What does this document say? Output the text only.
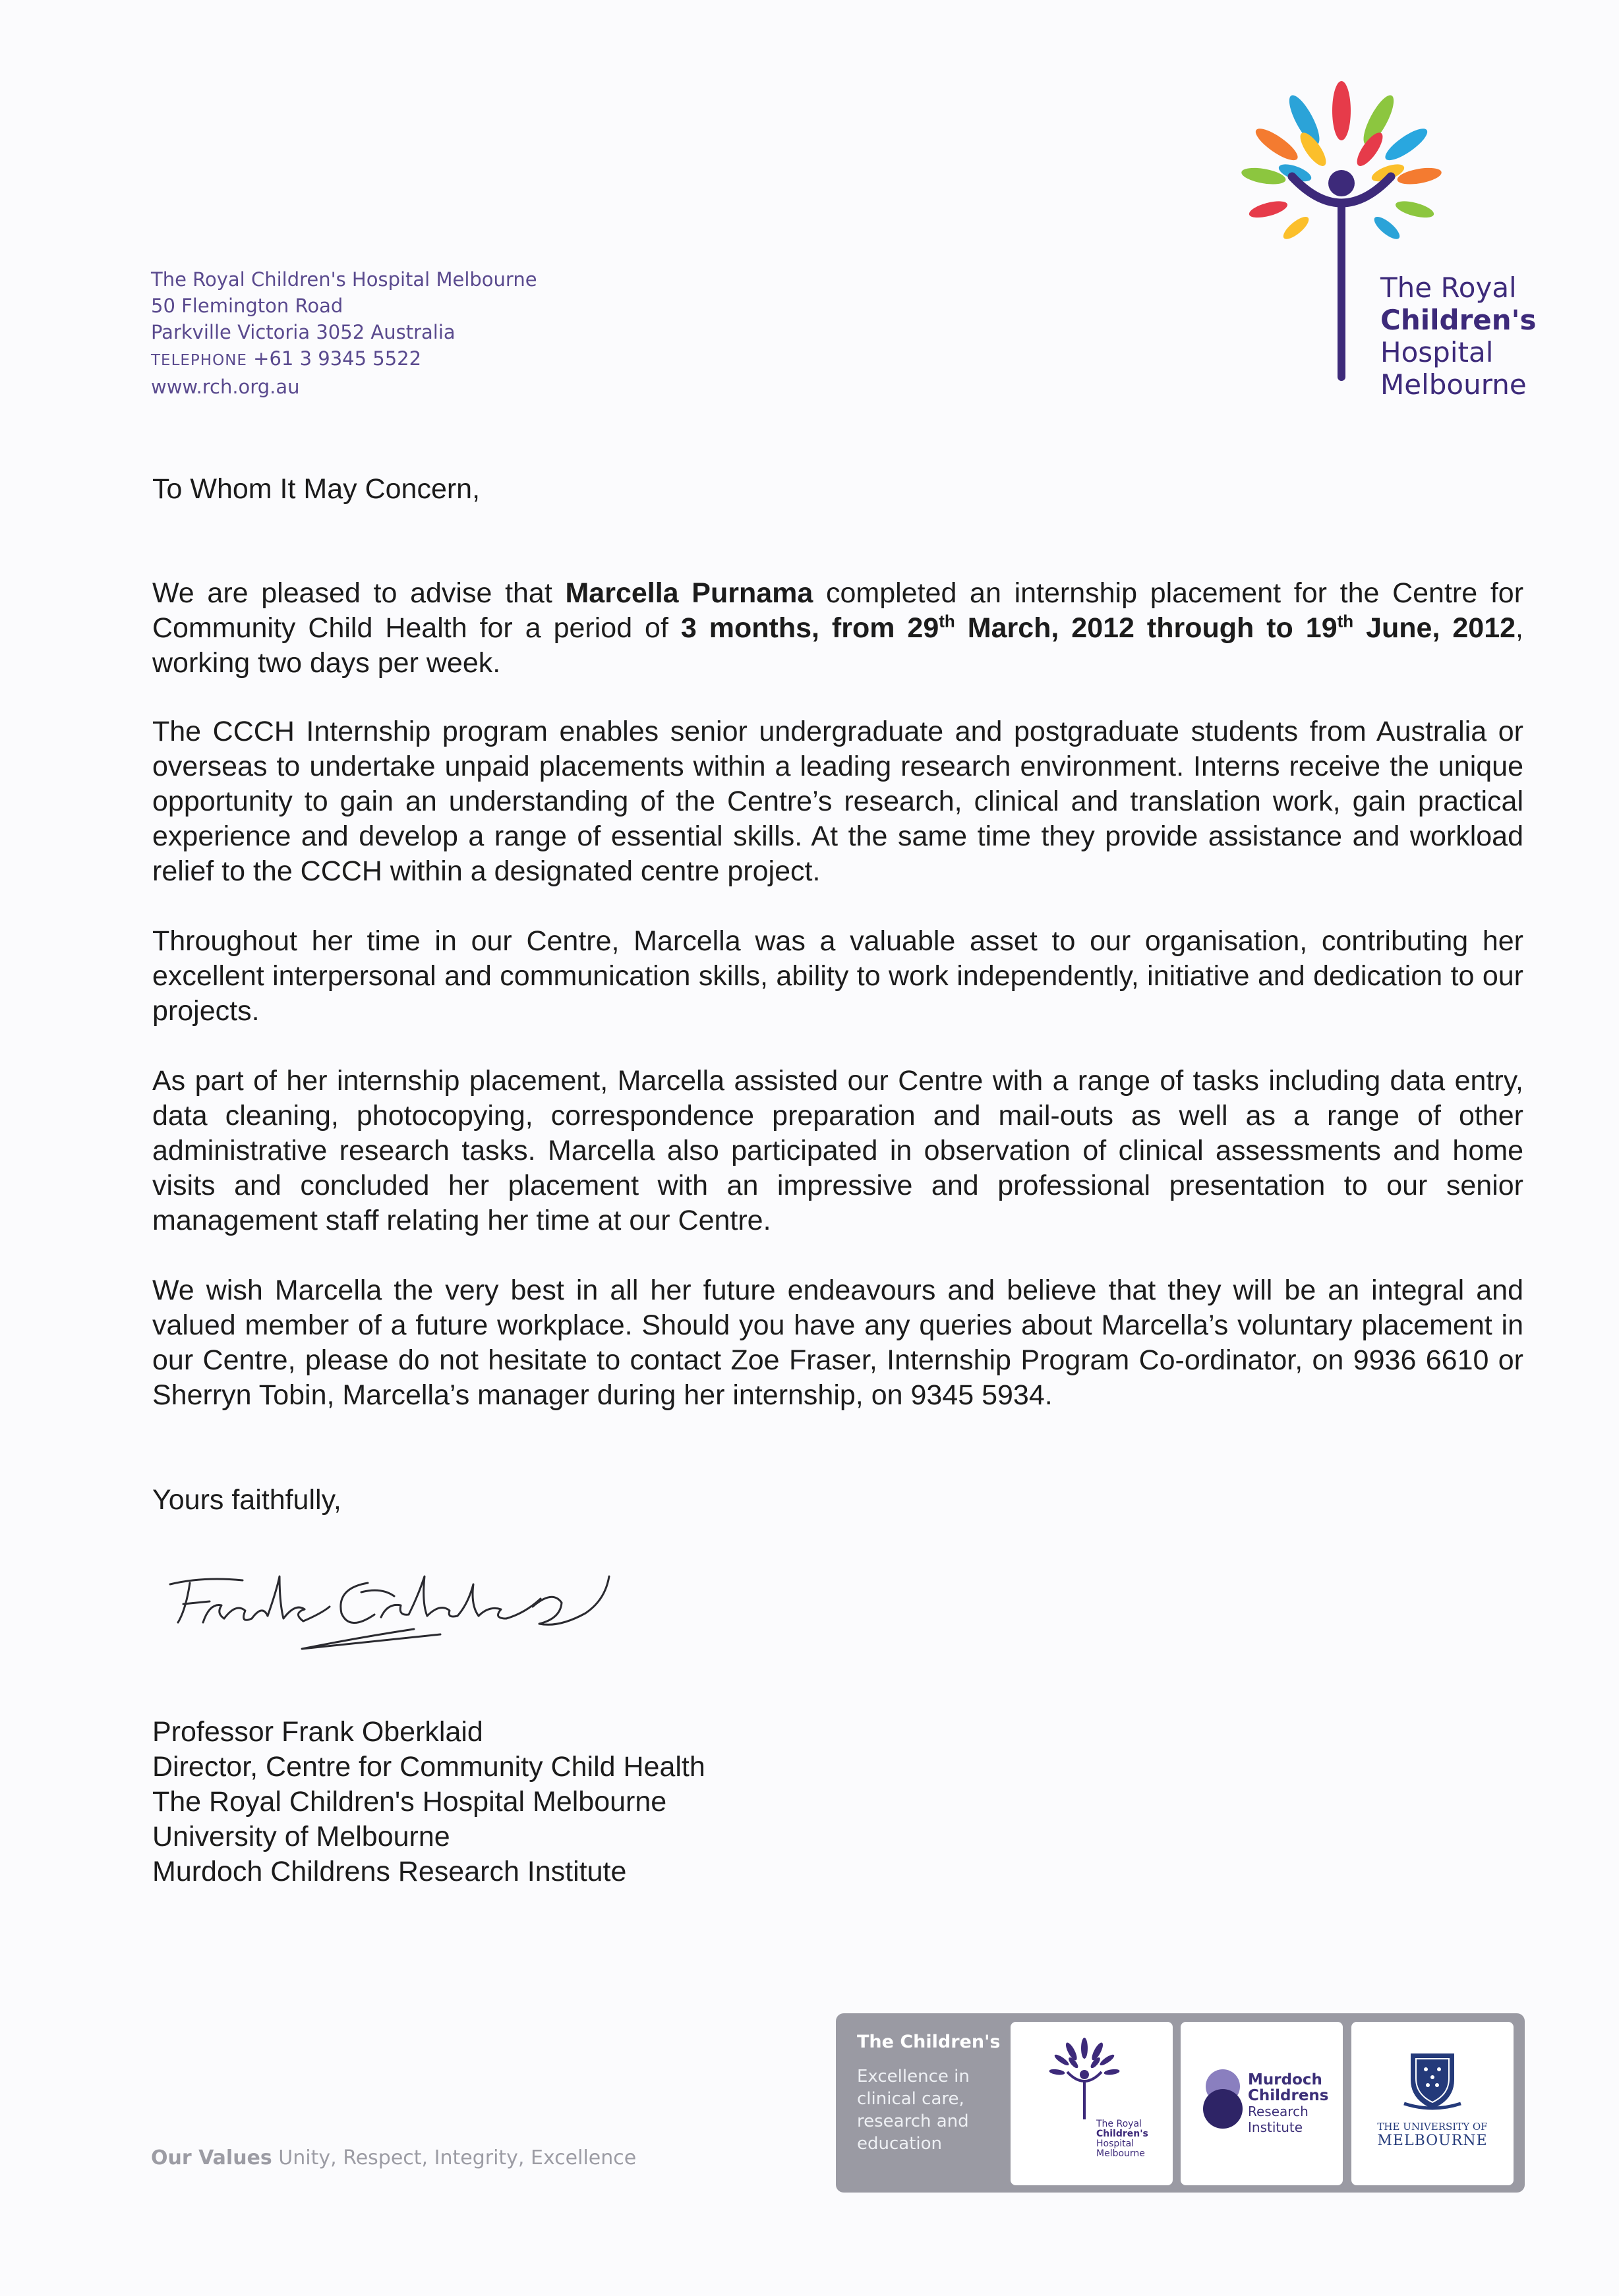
The Royal Children's Hospital Melbourne
50 Flemington Road
Parkville Victoria 3052 Australia
TELEPHONE +61 3 9345 5522
www.rch.org.au
The Royal
Children's
Hospital
Melbourne
To Whom It May Concern,
We are pleased to advise that Marcella Purnama completed an internship placement for the Centre for Community Child Health for a period of 3 months, from 29th March, 2012 through to 19th June, 2012, working two days per week.
The CCCH Internship program enables senior undergraduate and postgraduate students from Australia or overseas to undertake unpaid placements within a leading research environment. Interns receive the unique opportunity to gain an understanding of the Centre’s research, clinical and translation work, gain practical experience and develop a range of essential skills. At the same time they provide assistance and workload relief to the CCCH within a designated centre project.
Throughout her time in our Centre, Marcella was a valuable asset to our organisation, contributing her excellent interpersonal and communication skills, ability to work independently, initiative and dedication to our projects.
As part of her internship placement, Marcella assisted our Centre with a range of tasks including data entry, data cleaning, photocopying, correspondence preparation and mail-outs as well as a range of other administrative research tasks. Marcella also participated in observation of clinical assessments and home visits and concluded her placement with an impressive and professional presentation to our senior management staff relating her time at our Centre.
We wish Marcella the very best in all her future endeavours and believe that they will be an integral and valued member of a future workplace. Should you have any queries about Marcella’s voluntary placement in our Centre, please do not hesitate to contact Zoe Fraser, Internship Program Co-ordinator, on 9936 6610 or Sherryn Tobin, Marcella’s manager during her internship, on 9345 5934.
Yours faithfully,
Professor Frank Oberklaid
Director, Centre for Community Child Health
The Royal Children's Hospital Melbourne
University of Melbourne
Murdoch Childrens Research Institute
Our Values Unity, Respect, Integrity, Excellence
The Children's
Excellence in clinical care, research and education
The Royal
Children's
Hospital
Melbourne
Murdoch
Childrens
Research
Institute	THE UNIVERSITY OF
MELBOURNE
